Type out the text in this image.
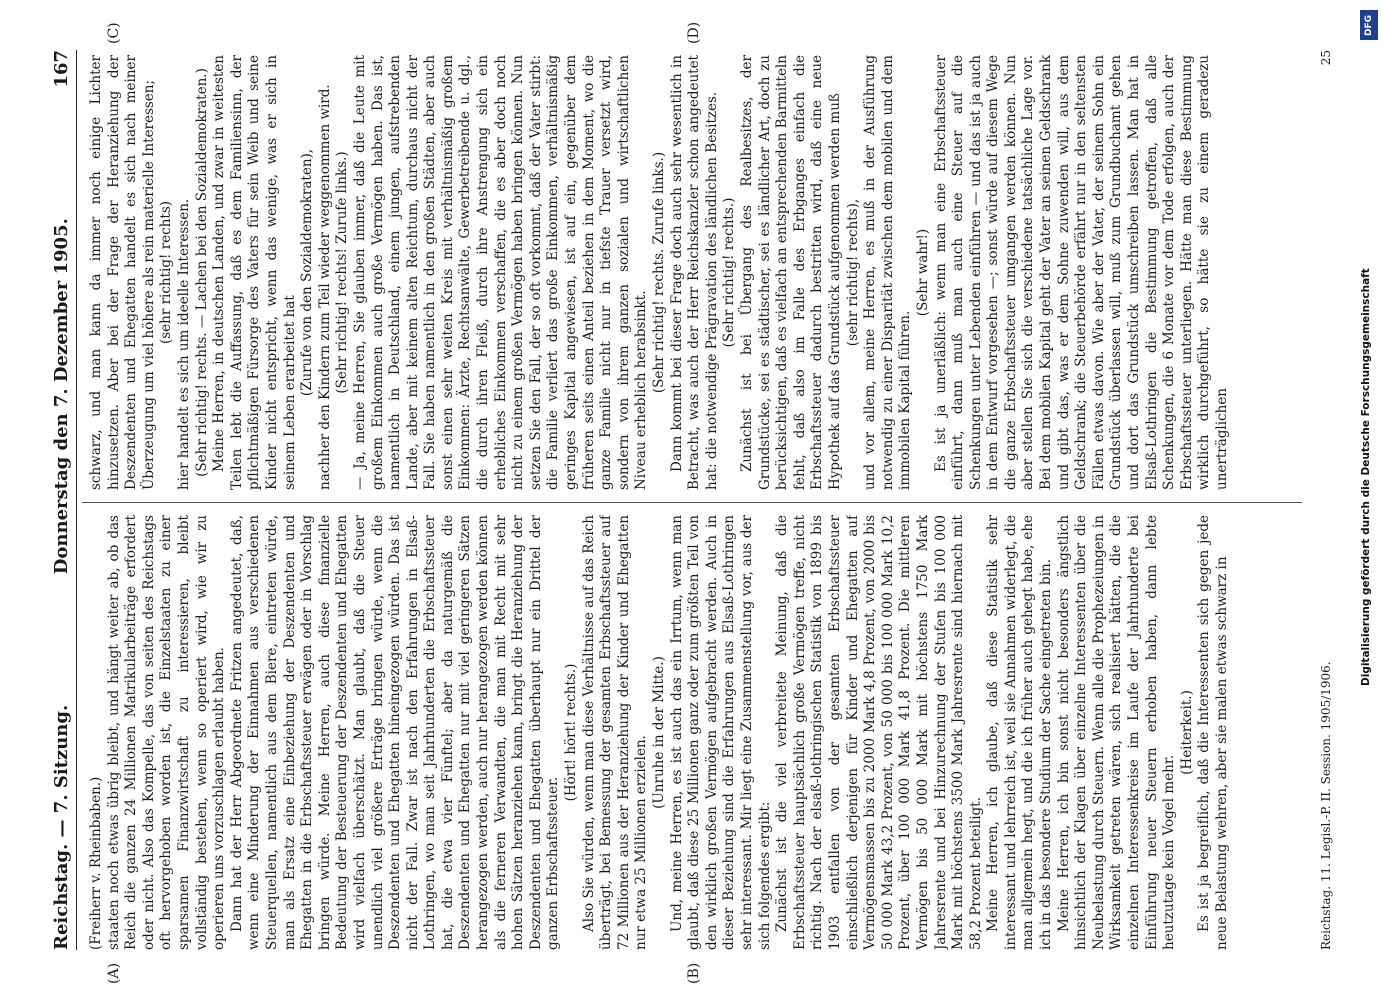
Reichstag. — 7. Sitzung.
Donnerstag den 7. Dezember 1905.
167
(A)	(B)
(C)	(D)

(Freiherr v. Rheinbaben.) staaten noch etwas übrig bleibt, und hängt weiter ab, ob das Reich die ganzen 24 Millionen Matrikularbeiträge erfordert oder nicht. Also das Kompelle, das von seiten des Reichstags oft hervorgehoben worden ist, die Einzelstaaten zu einer sparsamen Finanzwirtschaft zu interessieren, bleibt vollständig bestehen, wenn so operiert wird, wie wir zu operieren uns vorzuschlagen erlaubt haben. Dann hat der Herr Abgeordnete Fritzen angedeutet, daß, wenn eine Minderung der Einnahmen aus verschiedenen Steuerquellen, namentlich aus dem Biere, eintreten würde, man als Ersatz eine Einbeziehung der Deszendenten und Ehegatten in die Erbschaftssteuer erwägen oder in Vorschlag bringen würde. Meine Herren, auch diese finanzielle Bedeutung der Besteuerung der Deszendenten und Ehegatten wird vielfach überschätzt. Man glaubt, daß die Steuer unendlich viel größere Erträge bringen würde, wenn die Deszendenten und Ehegatten hineingezogen würden. Das ist nicht der Fall. Zwar ist nach den Erfahrungen in Elsaß-Lothringen, wo man seit Jahrhunderten die Erbschaftssteuer hat, die etwa vier Fünftel; aber da naturgemäß die Deszendenten und Ehegatten nur mit viel geringeren Sätzen herangezogen werden, auch nur herangezogen werden können als die ferneren Verwandten, die man mit Recht mit sehr hohen Sätzen heranziehen kann, bringt die Heranziehung der Deszendenten und Ehegatten überhaupt nur ein Drittel der ganzen Erbschaftssteuer.

(Hört! hört! rechts.) Also Sie würden, wenn man diese Verhältnisse auf das Reich überträgt, bei Bemessung der gesamten Erbschaftssteuer auf 72 Millionen aus der Heranziehung der Kinder und Ehegatten nur etwa 25 Millionen erzielen.

(Unruhe in der Mitte.) Und, meine Herren, es ist auch das ein Irrtum, wenn man glaubt, daß diese 25 Millionen ganz oder zum größten Teil von den wirklich großen Vermögen aufgebracht werden. Auch in dieser Beziehung sind die Erfahrungen aus Elsaß-Lothringen sehr interessant. Mir liegt eine Zusammenstellung vor, aus der sich folgendes ergibt: Zunächst ist die viel verbreitete Meinung, daß die Erbschaftssteuer hauptsächlich große Vermögen treffe, nicht richtig. Nach der elsaß-lothringischen Statistik von 1899 bis 1903 entfallen von der gesamten Erbschaftssteuer einschließlich derjenigen für Kinder und Ehegatten auf Vermögensmassen bis zu 2000 Mark 4,8 Prozent, von 2000 bis 50 000 Mark 43,2 Prozent, von 50 000 bis 100 000 Mark 10,2 Prozent, über 100 000 Mark 41,8 Prozent. Die mittleren Vermögen bis 50 000 Mark mit höchstens 1750 Mark Jahresrente und bei Hinzurechnung der Stufen bis 100 000 Mark mit höchstens 3500 Mark Jahresrente sind hiernach mit 58,2 Prozent beteiligt. Meine Herren, ich glaube, daß diese Statistik sehr interessant und lehrreich ist, weil sie Annahmen widerlegt, die man allgemein hegt, und die ich früher auch gehegt habe, ehe ich in das besondere Studium der Sache eingetreten bin. Meine Herren, ich bin sonst nicht besonders ängstlich hinsichtlich der Klagen über einzelne Interessenten über die Neubelastung durch Steuern. Wenn alle die Prophezeiungen in Wirksamkeit getreten wären, sich realisiert hätten, die die einzelnen Interessenkreise im Laufe der Jahrhunderte bei Einführung neuer Steuern erhoben haben, dann lebte heutzutage kein Vogel mehr.

(Heiterkeit.) Es ist ja begreiflich, daß die Interessenten sich gegen jede neue Belastung wehren, aber sie malen etwas schwarz in

schwarz, und man kann da immer noch einige Lichter hinzusetzen. Aber bei der Frage der Heranziehung der Deszendenten und Ehegatten handelt es sich nach meiner Überzeugung um viel höhere als rein materielle Interessen; (sehr richtig! rechts) hier handelt es sich um ideelle Interessen. (Sehr richtig! rechts. — Lachen bei den Sozialdemokraten.) Meine Herren, in deutschen Landen, und zwar in weitesten Teilen lebt die Auffassung, daß es dem Familiensinn, der pflichtmäßigen Fürsorge des Vaters für sein Weib und seine Kinder nicht entspricht, wenn das wenige, was er sich in seinem Leben erarbeitet hat (Zurufe von den Sozialdemokraten), nachher den Kindern zum Teil wieder weggenommen wird. (Sehr richtig! rechts! Zurufe links.) — Ja, meine Herren, Sie glauben immer, daß die Leute mit großem Einkommen auch große Vermögen haben. Das ist, namentlich in Deutschland, einem jungen, aufstrebenden Lande, aber mit keinem alten Reichtum, durchaus nicht der Fall. Sie haben namentlich in den großen Städten, aber auch sonst einen sehr weiten Kreis mit verhältnismäßig großem Einkommen: Ärzte, Rechtsanwälte, Gewerbetreibende u. dgl., die durch ihren Fleiß, durch ihre Anstrengung sich ein erhebliches Einkommen verschaffen, die es aber doch noch nicht zu einem großen Vermögen haben bringen können. Nun setzen Sie den Fall, der so oft vorkommt, daß der Vater stirbt: die Familie verliert das große Einkommen, verhältnismäßig geringes Kapital angewiesen, ist auf ein, gegenüber dem früheren seits einen Anteil beziehen in dem Moment, wo die ganze Familie nicht nur in tiefste Trauer versetzt wird, sondern von ihrem ganzen sozialen und wirtschaftlichen Niveau erheblich herabsinkt. (Sehr richtig! rechts. Zurufe links.) Dann kommt bei dieser Frage doch auch sehr wesentlich in Betracht, was auch der Herr Reichskanzler schon angedeutet hat: die notwendige Prägravation des ländlichen Besitzes. (Sehr richtig! rechts.) Zunächst ist bei Übergang des Realbesitzes, der Grundstücke, sei es städtischer, sei es ländlicher Art, doch zu berücksichtigen, daß es vielfach an entsprechenden Barmitteln fehlt, daß also im Falle des Erbganges einfach die Erbschaftssteuer dadurch bestritten wird, daß eine neue Hypothek auf das Grundstück aufgenommen werden muß (sehr richtig! rechts), und vor allem, meine Herren, es muß in der Ausführung notwendig zu einer Disparität zwischen dem mobilen und dem immobilen Kapital führen.

(Sehr wahr!) Es ist ja unerläßlich: wenn man eine Erbschaftssteuer einführt, dann muß man auch eine Steuer auf die Schenkungen unter Lebenden einführen — und das ist ja auch in dem Entwurf vorgesehen —; sonst würde auf diesem Wege die ganze Erbschaftssteuer umgangen werden können. Nun aber stellen Sie sich die verschiedene tatsächliche Lage vor. Bei dem mobilen Kapital geht der Vater an seinen Geldschrank und gibt das, was er dem Sohne zuwenden will, aus dem Geldschrank; die Steuerbehörde erfährt nur in den seltensten Fällen etwas davon. Wie aber der Vater, der seinem Sohn ein Grundstück überlassen will, muß zum Grundbuchamt gehen und dort das Grundstück umschreiben lassen. Man hat in Elsaß-Lothringen die Bestimmung getroffen, daß alle Schenkungen, die 6 Monate vor dem Tode erfolgen, auch der Erbschaftssteuer unterliegen. Hätte man diese Bestimmung wirklich durchgeführt, so hätte sie zu einem geradezu unerträglichen

Reichstag. 11. Legisl.-P. II. Session. 1905/1906.
25
DFG
Digitalisierung gefördert durch die Deutsche Forschungsgemeinschaft
